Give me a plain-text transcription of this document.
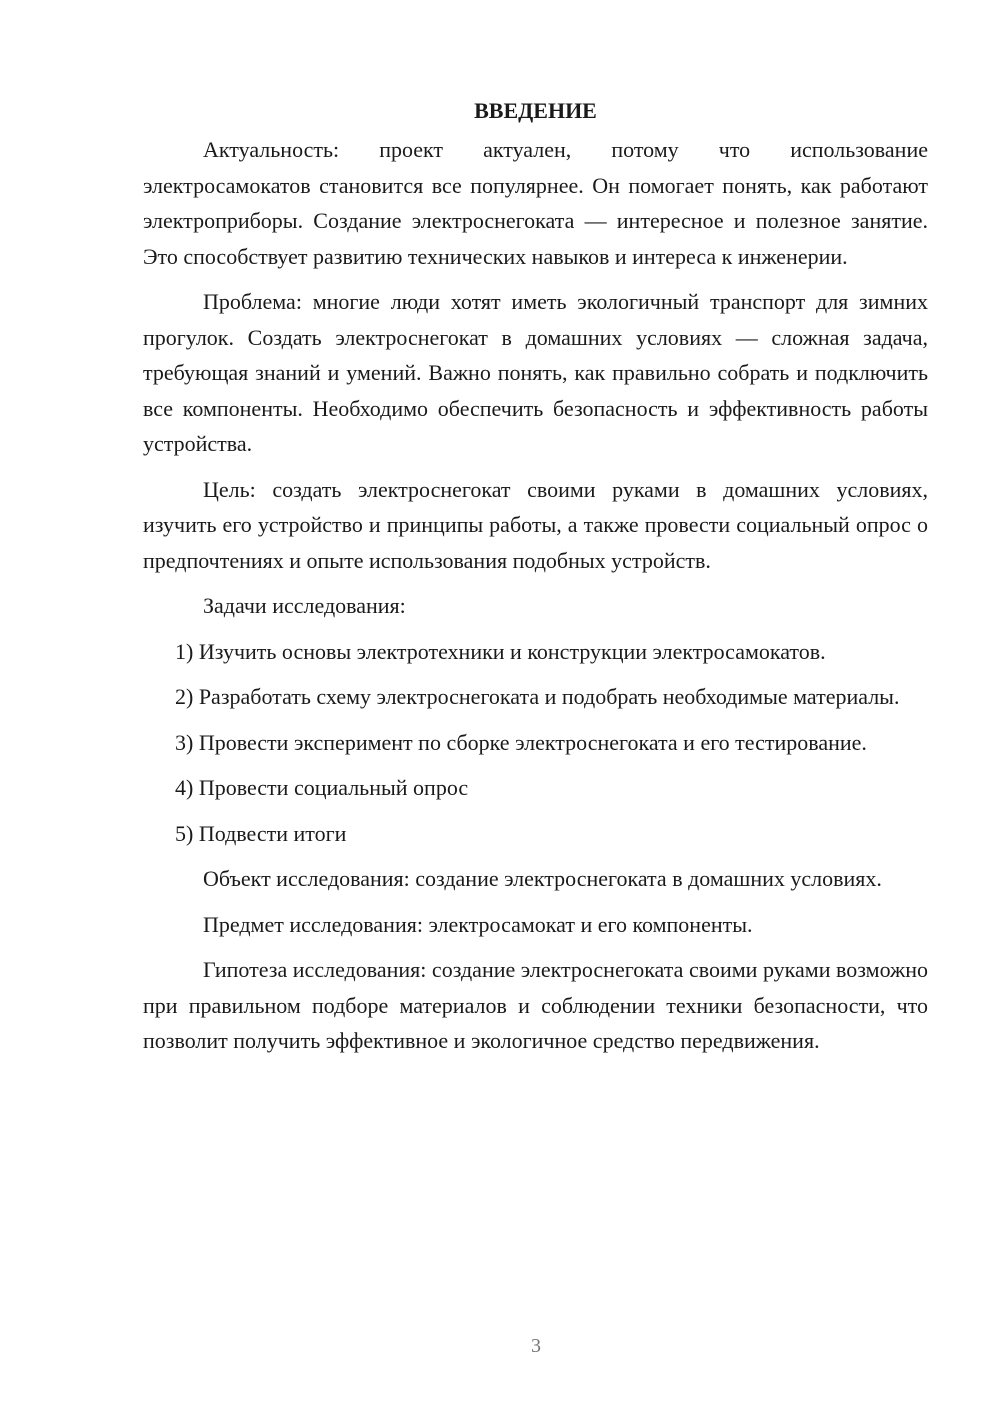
ВВЕДЕНИЕ

Актуальность: проект актуален, потому что использование электросамокатов становится все популярнее. Он помогает понять, как работают электроприборы. Создание электроснегоката — интересное и полезное занятие. Это способствует развитию технических навыков и интереса к инженерии.

Проблема: многие люди хотят иметь экологичный транспорт для зимних прогулок. Создать электроснегокат в домашних условиях — сложная задача, требующая знаний и умений. Важно понять, как правильно собрать и подключить все компоненты. Необходимо обеспечить безопасность и эффективность работы устройства.

Цель: создать электроснегокат своими руками в домашних условиях, изучить его устройство и принципы работы, а также провести социальный опрос о предпочтениях и опыте использования подобных устройств.

Задачи исследования:

1) Изучить основы электротехники и конструкции электросамокатов.

2) Разработать схему электроснегоката и подобрать необходимые материалы.

3) Провести эксперимент по сборке электроснегоката и его тестирование.

4) Провести социальный опрос

5) Подвести итоги

Объект исследования: создание электроснегоката в домашних условиях.

Предмет исследования: электросамокат и его компоненты.

Гипотеза исследования: создание электроснегоката своими руками возможно при правильном подборе материалов и соблюдении техники безопасности, что позволит получить эффективное и экологичное средство передвижения.

3
